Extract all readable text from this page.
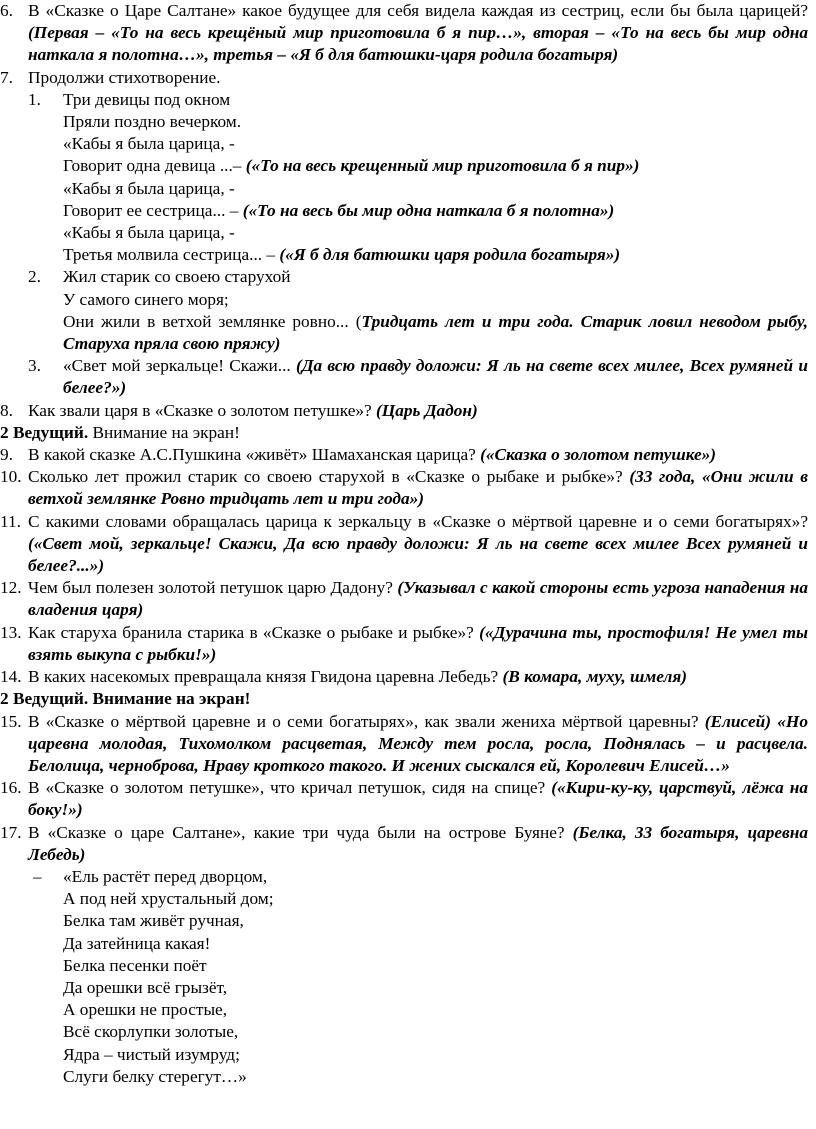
6. В «Сказке о Царе Салтане» какое будущее для себя видела каждая из сестриц, если бы была царицей? (Первая – «То на весь крещёный мир приготовила б я пир…», вторая – «То на весь бы мир одна наткала я полотна…», третья – «Я б для батюшки-царя родила богатыря)
7. Продолжи стихотворение.
1. Три девицы под окном
Пряли поздно вечерком.
«Кабы я была царица, -
Говорит одна девица ...– («То на весь крещенный мир приготовила б я пир»)
«Кабы я была царица, -
Говорит ее сестрица... – («То на весь бы мир одна наткала б я полотна»)
«Кабы я была царица, -
Третья молвила сестрица... – («Я б для батюшки царя родила богатыря»)
2. Жил старик со своею старухой
У самого синего моря;
Они жили в ветхой землянке ровно... (Тридцать лет и три года. Старик ловил неводом рыбу, Старуха пряла свою пряжу)
3. «Свет мой зеркальце! Скажи... (Да всю правду доложи: Я ль на свете всех милее, Всех румяней и белее?»)
8. Как звали царя в «Сказке о золотом петушке»? (Царь Дадон)
2 Ведущий. Внимание на экран!
9. В какой сказке А.С.Пушкина «живёт» Шамаханская царица? («Сказка о золотом петушке»)
10. Сколько лет прожил старик со своею старухой в «Сказке о рыбаке и рыбке»? (33 года, «Они жили в ветхой землянке Ровно тридцать лет и три года»)
11. С какими словами обращалась царица к зеркальцу в «Сказке о мёртвой царевне и о семи богатырях»? («Свет мой, зеркальце! Скажи, Да всю правду доложи: Я ль на свете всех милее Всех румяней и белее?...»)
12. Чем был полезен золотой петушок царю Дадону? (Указывал с какой стороны есть угроза нападения на владения царя)
13. Как старуха бранила старика в «Сказке о рыбаке и рыбке»? («Дурачина ты, простофиля! Не умел ты взять выкупа с рыбки!»)
14. В каких насекомых превращала князя Гвидона царевна Лебедь? (В комара, муху, шмеля)
2 Ведущий. Внимание на экран!
15. В «Сказке о мёртвой царевне и о семи богатырях», как звали жениха мёртвой царевны? (Елисей) «Но царевна молодая, Тихомолком расцветая, Между тем росла, росла, Поднялась – и расцвела. Белолица, черноброва, Нраву кроткого такого. И жених сыскался ей, Королевич Елисей…»
16. В «Сказке о золотом петушке», что кричал петушок, сидя на спице? («Кири-ку-ку, царствуй, лёжа на боку!»)
17. В «Сказке о царе Салтане», какие три чуда были на острове Буяне? (Белка, 33 богатыря, царевна Лебедь)
– «Ель растёт перед дворцом,
А под ней хрустальный дом;
Белка там живёт ручная,
Да затейница какая!
Белка песенки поёт
Да орешки всё грызёт,
А орешки не простые,
Всё скорлупки золотые,
Ядра – чистый изумруд;
Слуги белку стерегут…»
